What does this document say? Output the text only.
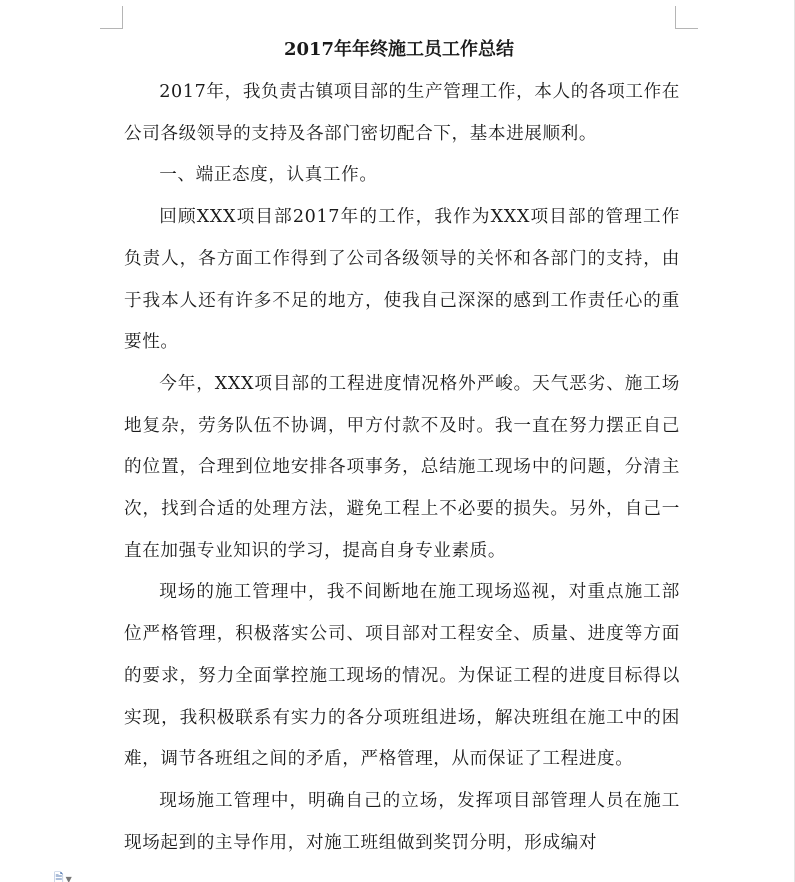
2017年年终施工员工作总结

2017年，我负责古镇项目部的生产管理工作，本人的各项工作在公司各级领导的支持及各部门密切配合下，基本进展顺利。

一、端正态度，认真工作。

回顾XXX项目部2017年的工作，我作为XXX项目部的管理工作负责人，各方面工作得到了公司各级领导的关怀和各部门的支持，由于我本人还有许多不足的地方，使我自己深深的感到工作责任心的重要性。

今年，XXX项目部的工程进度情况格外严峻。天气恶劣、施工场地复杂，劳务队伍不协调，甲方付款不及时。我一直在努力摆正自己的位置，合理到位地安排各项事务，总结施工现场中的问题，分清主次，找到合适的处理方法，避免工程上不必要的损失。另外，自己一直在加强专业知识的学习，提高自身专业素质。

现场的施工管理中，我不间断地在施工现场巡视，对重点施工部位严格管理，积极落实公司、项目部对工程安全、质量、进度等方面的要求，努力全面掌控施工现场的情况。为保证工程的进度目标得以实现，我积极联系有实力的各分项班组进场，解决班组在施工中的困难，调节各班组之间的矛盾，严格管理，从而保证了工程进度。

现场施工管理中，明确自己的立场，发挥项目部管理人员在施工现场起到的主导作用，对施工班组做到奖罚分明，形成编对

🗎 ▼
